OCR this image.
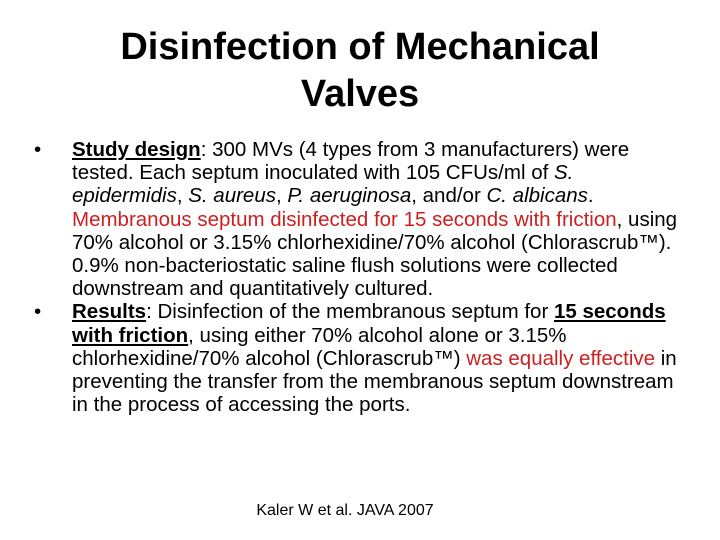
Disinfection of Mechanical
Valves
•	Study design: 300 MVs (4 types from 3 manufacturers) were tested. Each septum inoculated with 105 CFUs/ml of S. epidermidis, S. aureus, P. aeruginosa, and/or C. albicans. Membranous septum disinfected for 15 seconds with friction, using 70% alcohol or 3.15% chlorhexidine/70% alcohol (Chlorascrub™). 0.9% non-bacteriostatic saline flush solutions were collected downstream and quantitatively cultured.
•	Results: Disinfection of the membranous septum for 15 seconds with friction, using either 70% alcohol alone or 3.15% chlorhexidine/70% alcohol (Chlorascrub™) was equally effective in preventing the transfer from the membranous septum downstream in the process of accessing the ports.
Kaler W et al. JAVA 2007
